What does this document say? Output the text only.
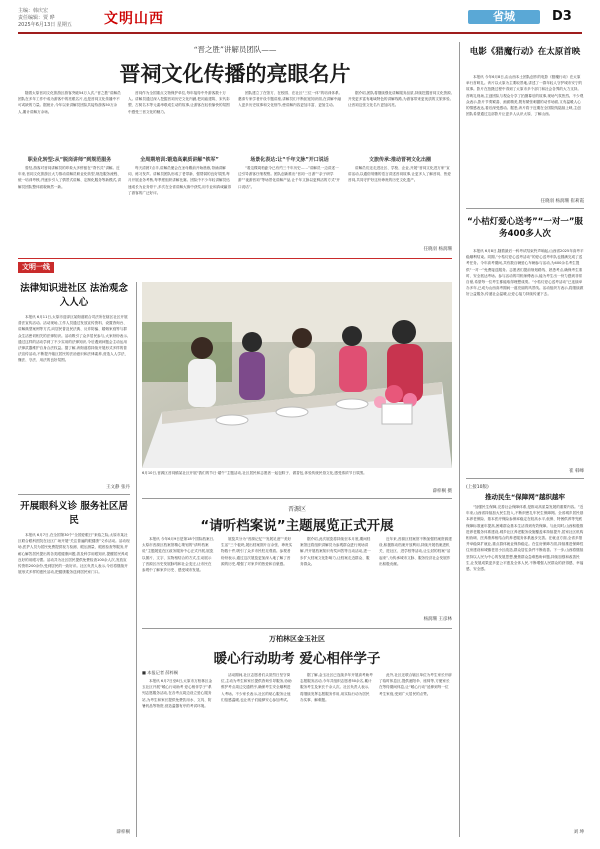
主编：韩庆宏
责任编辑：贾 晔
2025年6月13日 星期五 文明山西	省城	D3
“晋之胜”讲解员团队——
晋祠文化传播的亮眼名片
随着太原晋祠文化旅游区游客突破54万人次,“晋之胜”讲解员团队在多年工作中成为游客中的亮眼名片,也是晋祠文化传播中不可或缺的力量。据统计,今年以来讲解员团队共接待游客50万余人,累计讲解万余场。
职业化转型:从“脱岗讲师”到规范服务
曾经,游客对晋祠讲解员的印象大多停留在“背书式”讲解。近年来,晋祠文化旅游区大力推动讲解员职业化转型,规范服务流程、统一培训考核,并逐步引入了情景式讲解、定制化服务等新模式,讲解员团队整体面貌焕然一新。
晋祠作为全国重点文物保护单位,每年接待中外游客数十万人。讲解员通过深入挖掘晋祠历史文化内涵,把祠庙建筑、宋代彩塑、古树名木等元素串联成生动的故事,让游客在轻松愉快的氛围中感受三晋文化的魅力。
全周期培训:锻造高素质讲解“铁军”
每天清晨7点半,讲解员便会在圣母殿前开始晨练,背诵讲解词、练习发声。讲解员团队形成了老带新、强帮弱的良好氛围,每月开展业务考核,每季度组织讲解比赛。团队中不少年轻讲解员迅速成长为业务骨干,多次在全省讲解大赛中获奖,用专业和真诚赢得了游客的广泛好评。
团队建立了在馆方、在校园、在社区“三位一体”的培训体系,邀请专家学者开设专题讲座,讲解员们不断拓宽知识面,在讲解中融入更多历史故事和文化细节,使讲解内容更加丰富、更加生动。
场景化表达:让“千年文脉”开口说话
“看这棵周柏距今已有约三千年历史……”讲解员一边讲述一边引导游客仔细观察。团队创新推出“晋祠一日游”“亲子研学游”“夜游晋祠”等场景化讲解产品,让千年文脉以更鲜活的方式“开口说话”。
据介绍,团队将继续强化讲解服务品质,持续挖掘晋祠文化资源,开发更多富有地域特色的讲解线路,为游客带来更优质的文旅体验,让晋祠这张文化名片更加闪亮。
文旅传承:推动晋祠文化出圈
讲解员们还走进社区、学校、企业,开展“晋祠文化进万家”宣讲活动,以通俗易懂的语言讲述晋祠故事,让更多人了解晋祠、热爱晋祠,共同守护好这份珍贵的历史文化遗产。
任晓羽 杨润珊
电影《猎魔行动》在太原首映
本报讯 今年6月8日,由山西本土团队创作的电影《猎魔行动》在太原举行首映礼。该片以太原为主要取景地,讲述了一群年轻人守护城市安宁的故事。影片在拍摄过程中得到了太原市多个部门和社会各界的大力支持。首映礼现场,主创团队与观众分享了拍摄幕后的故事,现场气氛热烈。不少观众表示,影片节奏紧凑、画面精美,既有紧张刺激的动作场面,又有温暖人心的情感表达,看后深受感动。据悉,该片将于近期在全国院线陆续上映,主创团队希望通过这部影片让更多人认识太原、了解山西。
任晓羽 杨润珊 崔莉霞
“小桔灯爱心送考”“一对一”服务400多人次
本报讯 6月8日,随着最后一科考试结束铃声响起,山西省2025年高考平稳顺利结束。同期,“小桔灯爱心送考活动”的爱心送考车队也圆满完成了送考任务。今年高考期间,共有数百辆爱心车辆参与活动,为400余名考生提供“一对一”免费接送服务。志愿者们提前规划路线、熟悉考点,确保考生准时、安全抵达考场。参与活动的司机师傅表示,能为考生出一份力感到非常自豪,希望每一位考生都能取得理想成绩。“小桔灯爱心送考活动”已连续举办多年,已成为山西高考期间一道亮丽的风景线。活动组织方表示,将继续做好公益服务,传递社会温暖,让爱心接力持续传递下去。
崔 韩峰
(上接10版)
推动民生“保障网”越织越牢
“加强民生保障,完善社会保障体系,是推动高质量发展的重要内容。”近年来,山西省持续加大民生投入,不断织密扎牢民生保障网。全省城乡居民基本养老保险、基本医疗保险参保率稳定在较高水平,低保、特困供养等兜底保障标准逐年提高,困难群众基本生活得到有效保障。与此同时,山西积极推进养老服务体系建设,城乡社区养老服务设施覆盖率持续提升,居家社区机构相协调、医养康养相结合的养老服务体系逐步完善。在就业方面,全省多措并举稳岗扩就业,重点群体就业保持稳定。在住房保障方面,持续推进保障性住房建设和城镇老旧小区改造,群众居住条件不断改善。下一步,山西将继续坚持以人民为中心的发展思想,聚焦群众急难愁盼问题,持续加强和改善民生,让发展成果更多更公平惠及全体人民,不断增强人民群众的获得感、幸福感、安全感。
刘 坤
文明一线
法律知识进社区 法治观念入人心
本报讯 6月11日,太原市迎泽区某街道联合司法所在辖区社区开展普法宣传活动。活动现场,工作人员通过发放宣传资料、设置咨询台、讲解典型案例等方式,向居民普及民法典、反诈防骗、婚姻家庭等与群众生活密切相关的法律知识。活动吸引了众多居民参与,大家纷纷表示,通过这样的活动学到了不少实用的法律知识,今后遇到问题会主动运用法律武器维护自身合法权益。据了解,该街道将持续开展形式多样的普法宣传活动,不断提升辖区居民的法治意识和法律素养,营造人人学法、懂法、守法、用法的良好氛围。
王文静 张丹
开展眼科义诊 服务社区居民
本报讯 6月7日,在全国第30个“全国爱眼日”来临之际,太原市某社区联合眼科医院在社区广场开展“关注普遍的眼健康”义诊活动。活动现场,医护人员为居民免费提供视力检测、眼压测量、眼底检查等服务,并耐心解答居民提出的各类眼健康问题,普及科学用眼知识,提醒居民养成良好的用眼习惯。活动共为社区居民提供免费检查100余人次,发放宣传资料200余份,受到居民的一致好评。社区负责人表示,今后将继续开展形式多样的惠民活动,把健康服务送到居民家门口。
薛梓桐
6月10日,晋源区晋祠镇某社区开展“我们的节日·端午”主题活动,社区居民和志愿者一起包粽子、做香包,体验传统民俗文化,感受浓浓节日氛围。
薛梓桐 摄
晋源区
“请听档案说”主题展览正式开展
本报讯 今年6月9日是第18个国际档案日,太原市晋源区档案馆精心策划的“请听档案说”主题展览在区政务服务中心正式开展,展览以图片、文字、实物相结合的方式,生动展示了晋源区历史发展脉络和社会变迁,让市民在参观中了解家乡历史、感受城市发展。
展览共分为“晋源记忆”“发展足迹”“美好生活”三个板块,展出档案图片百余张、珍贵实物数十件,吸引了众多市民驻足观看。参观者纷纷表示,通过这次展览更加深入地了解了晋源的历史,增强了对家乡的热爱和自豪感。
据介绍,此次展览将持续至本月底,期间档案馆还将组织讲解员为参观群众进行现场讲解,并开展档案知识有奖问答等互动活动,进一步扩大档案文化影响力,让档案走近群众、服务群众。
近年来,晋源区档案馆不断加强档案资源建设,积极推动档案开放利用,持续开展档案进机关、进社区、进学校等活动,让尘封的档案“活起来”,为传承城市文脉、服务经济社会发展作出积极贡献。
杨润珊 王彦林
万柏林区金玉社区
暖心行动助考 爱心相伴学子
■ 本报记者 薛梓桐
本报讯 6月7日至8日,太原市万柏林区金玉社区开展“暖心行动助考 爱心相伴学子”系列志愿服务活动,在各考点周边设立爱心服务站,为考生和家长提供免费饮用水、文具、防暑药品等物资,营造温馨有序的考试环境。
活动期间,社区志愿者们头顶烈日坚守岗位,主动为考生和家长提供咨询引导服务,协助维护考点周边交通秩序,确保考生安全顺利进入考场。不少家长表示,社区的贴心服务让他们倍感温暖,也让孩子们能够安心参加考试。
据了解,金玉社区已连续多年开展高考助考志愿服务活动,今年共组织志愿者50余名,累计服务考生及家长千余人次。社区负责人表示,将继续发挥志愿服务作用,用实际行动为居民办实事、解难题。
此外,社区还联合辖区单位为考生家长开辟了临时休息区,提供遮阳伞、座椅等,方便家长在等待期间休息,让“暖心行动”延伸到每一位考生家庭,受到广大居民的点赞。
